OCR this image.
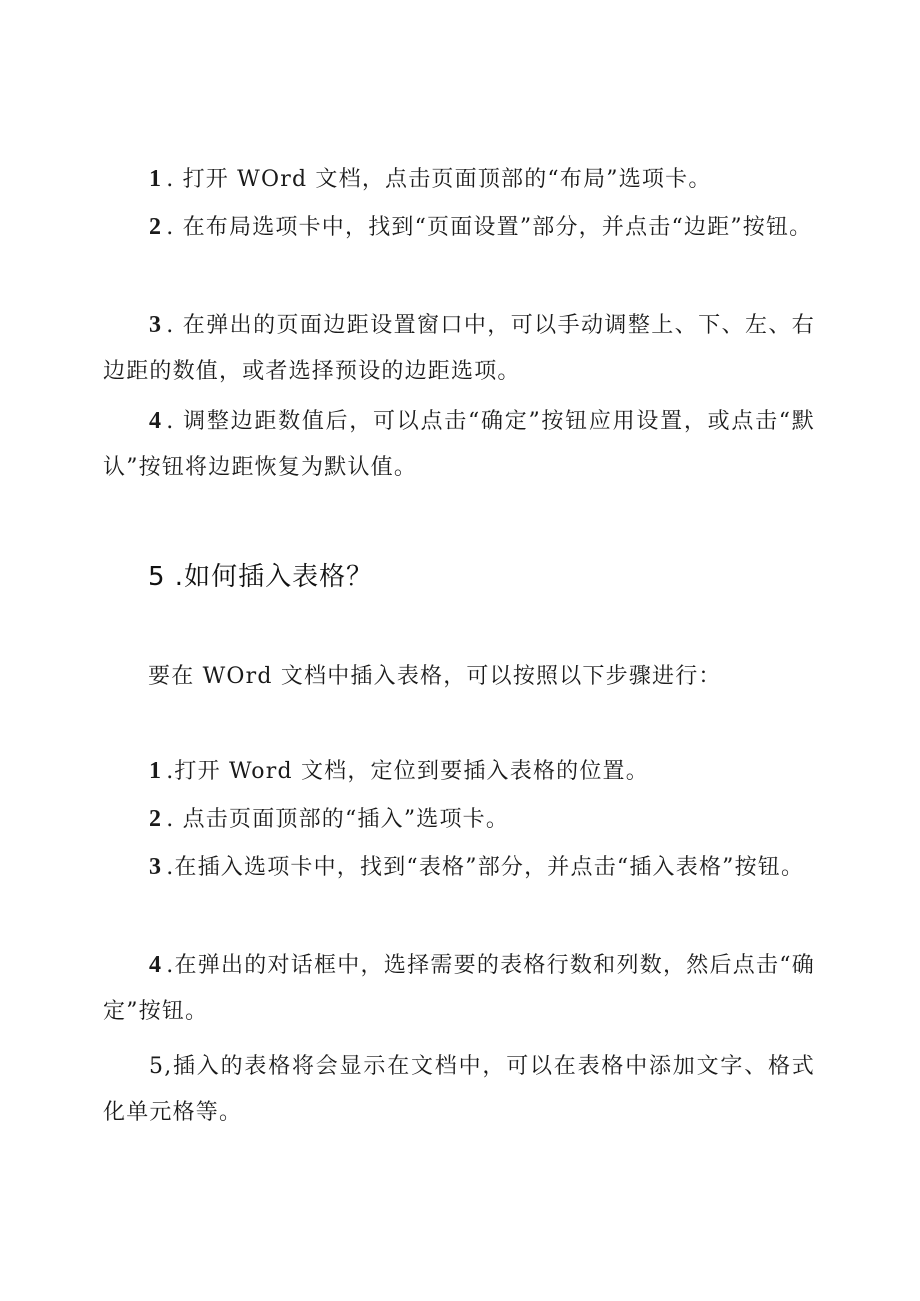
1 . 打开 WOrd 文档，点击页面顶部的“布局”选项卡。

2 . 在布局选项卡中，找到“页面设置”部分，并点击“边距”按钮。

3 . 在弹出的页面边距设置窗口中，可以手动调整上、下、左、右边距的数值，或者选择预设的边距选项。

4 . 调整边距数值后，可以点击“确定”按钮应用设置，或点击“默认”按钮将边距恢复为默认值。

5 .如何插入表格？
要在 WOrd 文档中插入表格，可以按照以下步骤进行：

1 .打开 Word 文档，定位到要插入表格的位置。

2 . 点击页面顶部的“插入”选项卡。

3 .在插入选项卡中，找到“表格”部分，并点击“插入表格”按钮。

4 .在弹出的对话框中，选择需要的表格行数和列数，然后点击“确定”按钮。

5,插入的表格将会显示在文档中，可以在表格中添加文字、格式化单元格等。
